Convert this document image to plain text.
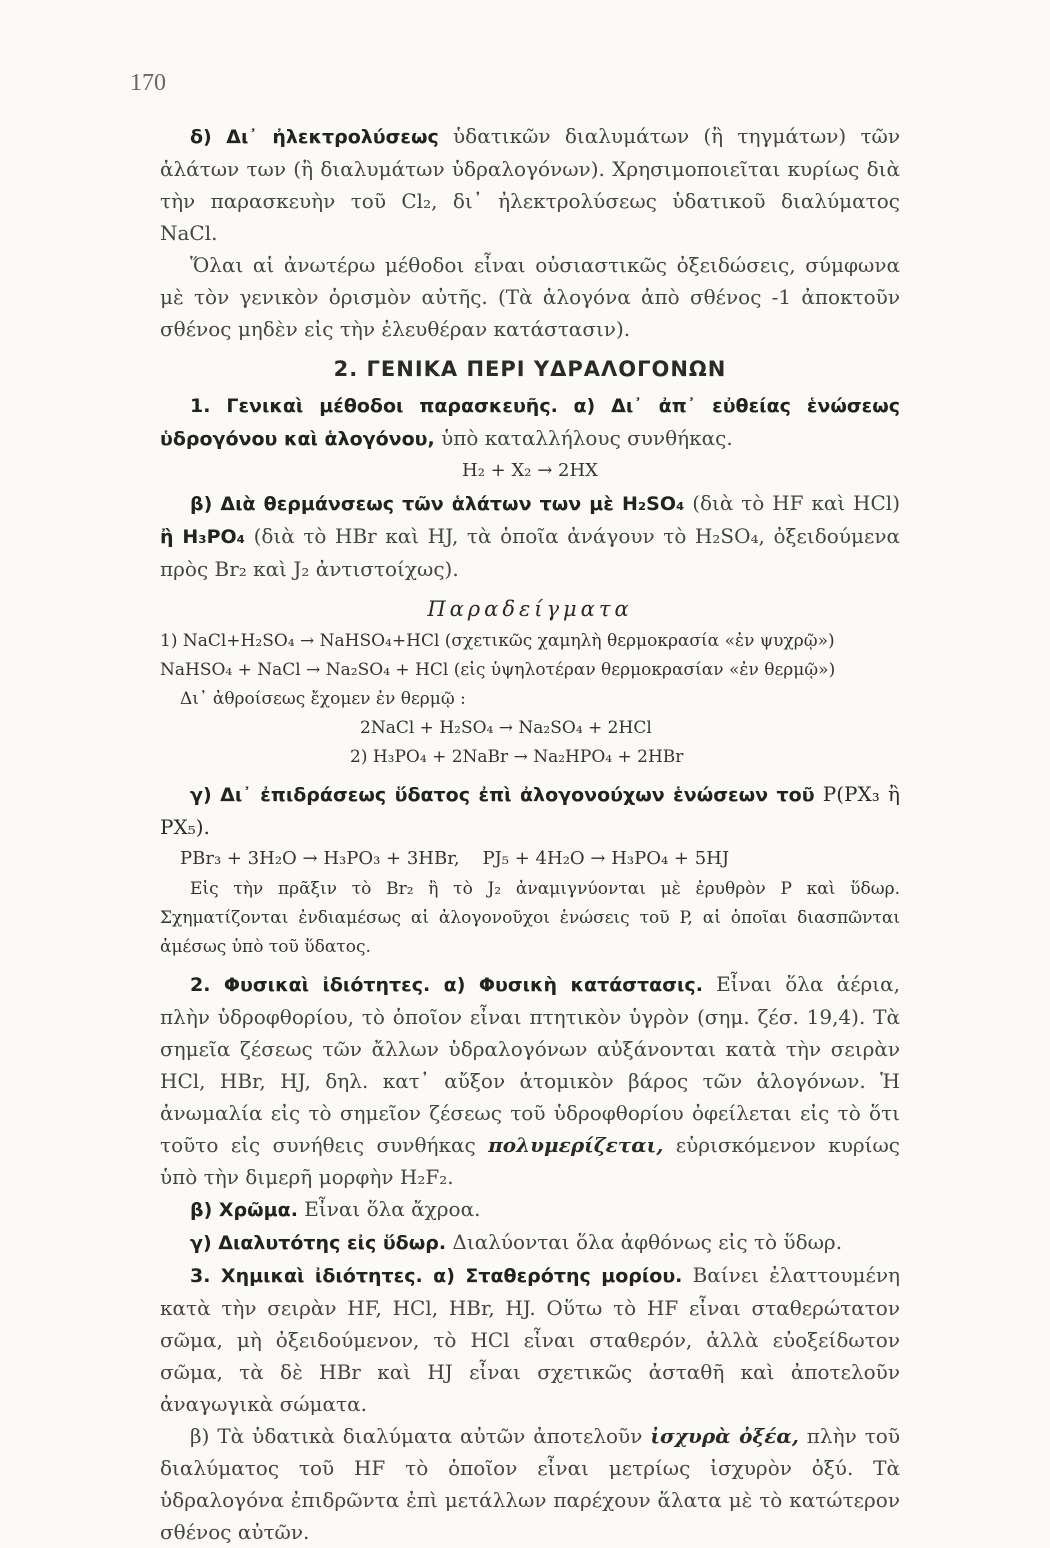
170

δ) Δι᾽ ἠλεκτρολύσεως ὑδατικῶν διαλυμάτων (ἢ τηγμάτων) τῶν ἁλάτων των (ἢ διαλυμάτων ὑδραλογόνων). Χρησιμοποιεῖται κυρίως διὰ τὴν παρασκευὴν τοῦ Cl₂, δι᾽ ἠλεκτρολύσεως ὑδατικοῦ διαλύματος NaCl.

Ὅλαι αἱ ἀνωτέρω μέθοδοι εἶναι οὐσιαστικῶς ὀξειδώσεις, σύμφωνα μὲ τὸν γενικὸν ὁρισμὸν αὐτῆς. (Τὰ ἁλογόνα ἀπὸ σθένος -1 ἀποκτοῦν σθένος μηδὲν εἰς τὴν ἐλευθέραν κατάστασιν).

2. ΓΕΝΙΚΑ ΠΕΡΙ ΥΔΡΑΛΟΓΟΝΩΝ

1. Γενικαὶ μέθοδοι παρασκευῆς. α) Δι᾽ ἀπ᾽ εὐθείας ἑνώσεως ὑδρογόνου καὶ ἁλογόνου, ὑπὸ καταλλήλους συνθήκας.

H₂ + X₂ → 2HX

β) Διὰ θερμάνσεως τῶν ἁλάτων των μὲ H₂SO₄ (διὰ τὸ HF καὶ HCl) ἢ H₃PO₄ (διὰ τὸ HBr καὶ HJ, τὰ ὁποῖα ἀνάγουν τὸ H₂SO₄, ὀξειδούμενα πρὸς Br₂ καὶ J₂ ἀντιστοίχως).

Παραδείγματα
1) NaCl+H₂SO₄ → NaHSO₄+HCl (σχετικῶς χαμηλὴ θερμοκρασία «ἐν ψυχρῷ»)
NaHSO₄ + NaCl → Na₂SO₄ + HCl (εἰς ὑψηλοτέραν θερμοκρασίαν «ἐν θερμῷ»)
Δι᾽ ἀθροίσεως ἔχομεν ἐν θερμῷ :
2NaCl + H₂SO₄ → Na₂SO₄ + 2HCl
2) H₃PO₄ + 2NaBr → Na₂HPO₄ + 2HBr

γ) Δι᾽ ἐπιδράσεως ὕδατος ἐπὶ ἀλογονούχων ἑνώσεων τοῦ P(PX₃ ἢ PX₅).

PBr₃ + 3H₂O → H₃PO₃ + 3HBr, PJ₅ + 4H₂O → H₃PO₄ + 5HJ

Εἰς τὴν πρᾶξιν τὸ Br₂ ἢ τὸ J₂ ἀναμιγνύονται μὲ ἐρυθρὸν P καὶ ὕδωρ. Σχηματίζονται ἐνδιαμέσως αἱ ἀλογονοῦχοι ἑνώσεις τοῦ P, αἱ ὁποῖαι διασπῶνται ἀμέσως ὑπὸ τοῦ ὕδατος.

2. Φυσικαὶ ἰδιότητες. α) Φυσικὴ κατάστασις. Εἶναι ὅλα ἀέρια, πλὴν ὑδροφθορίου, τὸ ὁποῖον εἶναι πτητικὸν ὑγρὸν (σημ. ζέσ. 19,4). Τὰ σημεῖα ζέσεως τῶν ἄλλων ὑδραλογόνων αὐξάνονται κατὰ τὴν σειρὰν HCl, HBr, HJ, δηλ. κατ᾽ αὔξον ἀτομικὸν βάρος τῶν ἁλογόνων. Ἡ ἀνωμαλία εἰς τὸ σημεῖον ζέσεως τοῦ ὑδροφθορίου ὀφείλεται εἰς τὸ ὅτι τοῦτο εἰς συνήθεις συνθήκας πολυμερίζεται, εὑρισκόμενον κυρίως ὑπὸ τὴν διμερῆ μορφὴν H₂F₂.

β) Χρῶμα. Εἶναι ὅλα ἄχροα.

γ) Διαλυτότης εἰς ὕδωρ. Διαλύονται ὅλα ἀφθόνως εἰς τὸ ὕδωρ.

3. Χημικαὶ ἰδιότητες. α) Σταθερότης μορίου. Βαίνει ἐλαττουμένη κατὰ τὴν σειρὰν HF, HCl, HBr, HJ. Οὕτω τὸ HF εἶναι σταθερώτατον σῶμα, μὴ ὀξειδούμενον, τὸ HCl εἶναι σταθερόν, ἀλλὰ εὐοξείδωτον σῶμα, τὰ δὲ HBr καὶ HJ εἶναι σχετικῶς ἀσταθῆ καὶ ἀποτελοῦν ἀναγωγικὰ σώματα.

β) Τὰ ὑδατικὰ διαλύματα αὐτῶν ἀποτελοῦν ἰσχυρὰ ὀξέα, πλὴν τοῦ διαλύματος τοῦ HF τὸ ὁποῖον εἶναι μετρίως ἰσχυρὸν ὀξύ. Τὰ ὑδραλογόνα ἐπιδρῶντα ἐπὶ μετάλλων παρέχουν ἅλατα μὲ τὸ κατώτερον σθένος αὐτῶν.
